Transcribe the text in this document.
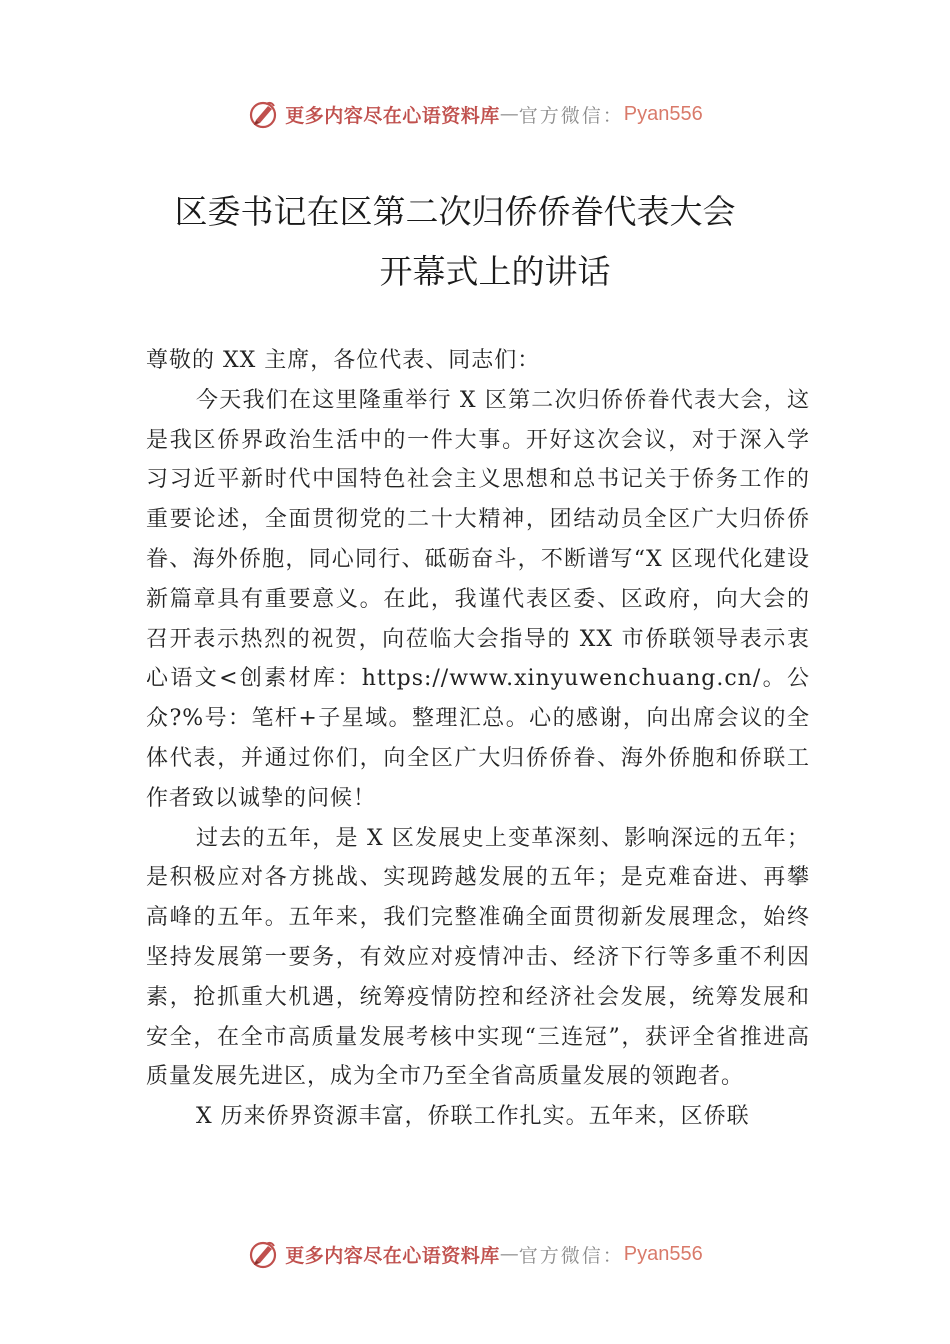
更多内容尽在心语资料库 — 官方微信： Pyan556
区委书记在区第二次归侨侨眷代表大会
开幕式上的讲话

尊敬的 XX 主席，各位代表、同志们：

今天我们在这里隆重举行 X 区第二次归侨侨眷代表大会，这是我区侨界政治生活中的一件大事。开好这次会议，对于深入学习习近平新时代中国特色社会主义思想和总书记关于侨务工作的重要论述，全面贯彻党的二十大精神，团结动员全区广大归侨侨眷、海外侨胞，同心同行、砥砺奋斗，不断谱写“X 区现代化建设新篇章具有重要意义。在此，我谨代表区委、区政府，向大会的召开表示热烈的祝贺，向莅临大会指导的 XX 市侨联领导表示衷心语文<创素材库：https://www.xinyuwenchuang.cn/。公众?%号：笔杆+子星域。整理汇总。心的感谢，向出席会议的全体代表，并通过你们，向全区广大归侨侨眷、海外侨胞和侨联工作者致以诚挚的问候！

过去的五年，是 X 区发展史上变革深刻、影响深远的五年；是积极应对各方挑战、实现跨越发展的五年；是克难奋进、再攀高峰的五年。五年来，我们完整准确全面贯彻新发展理念，始终坚持发展第一要务，有效应对疫情冲击、经济下行等多重不利因素，抢抓重大机遇，统筹疫情防控和经济社会发展，统筹发展和安全，在全市高质量发展考核中实现“三连冠”，获评全省推进高质量发展先进区，成为全市乃至全省高质量发展的领跑者。

X 历来侨界资源丰富，侨联工作扎实。五年来，区侨联

更多内容尽在心语资料库 — 官方微信： Pyan556
